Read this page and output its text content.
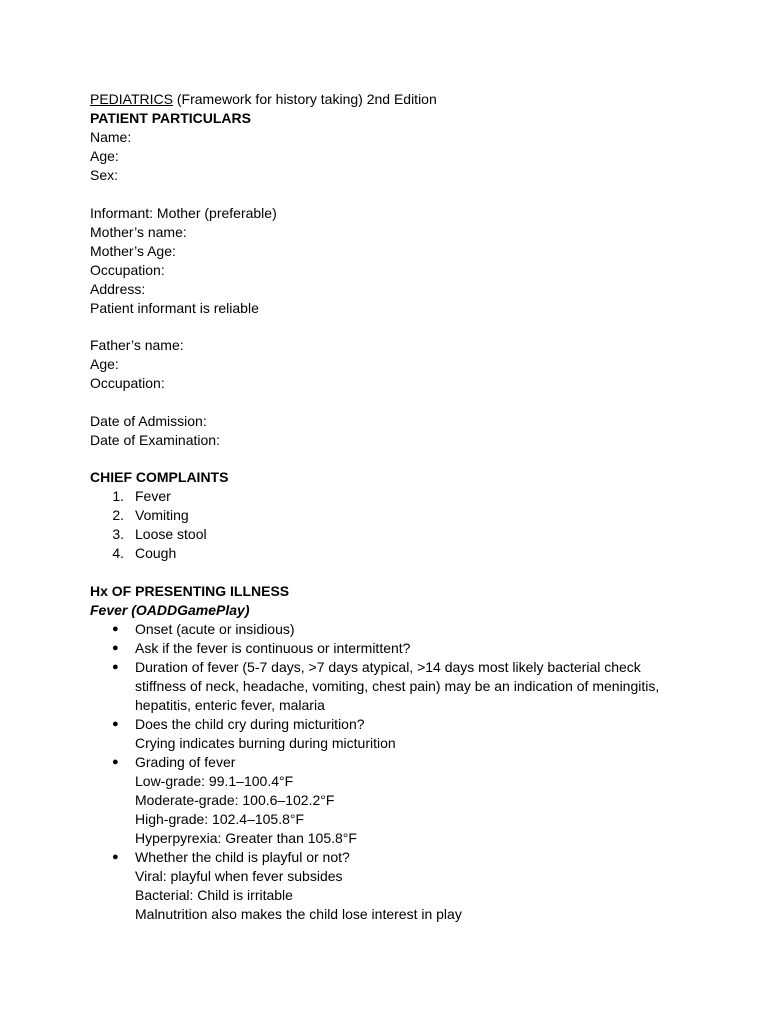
PEDIATRICS (Framework for history taking) 2nd Edition
PATIENT PARTICULARS
Name:
Age:
Sex:
Informant: Mother (preferable)
Mother’s name:
Mother’s Age:
Occupation:
Address:
Patient informant is reliable
Father’s name:
Age:
Occupation:
Date of Admission:
Date of Examination:
CHIEF COMPLAINTS
1. Fever
2. Vomiting
3. Loose stool
4. Cough
Hx OF PRESENTING ILLNESS
Fever (OADDGamePlay)
● Onset (acute or insidious)
● Ask if the fever is continuous or intermittent?
● Duration of fever (5-7 days, >7 days atypical, >14 days most likely bacterial check stiffness of neck, headache, vomiting, chest pain) may be an indication of meningitis, hepatitis, enteric fever, malaria
● Does the child cry during micturition?
Crying indicates burning during micturition
● Grading of fever
Low-grade: 99.1–100.4°F
Moderate-grade: 100.6–102.2°F
High-grade: 102.4–105.8°F
Hyperpyrexia: Greater than 105.8°F
● Whether the child is playful or not?
Viral: playful when fever subsides
Bacterial: Child is irritable
Malnutrition also makes the child lose interest in play
